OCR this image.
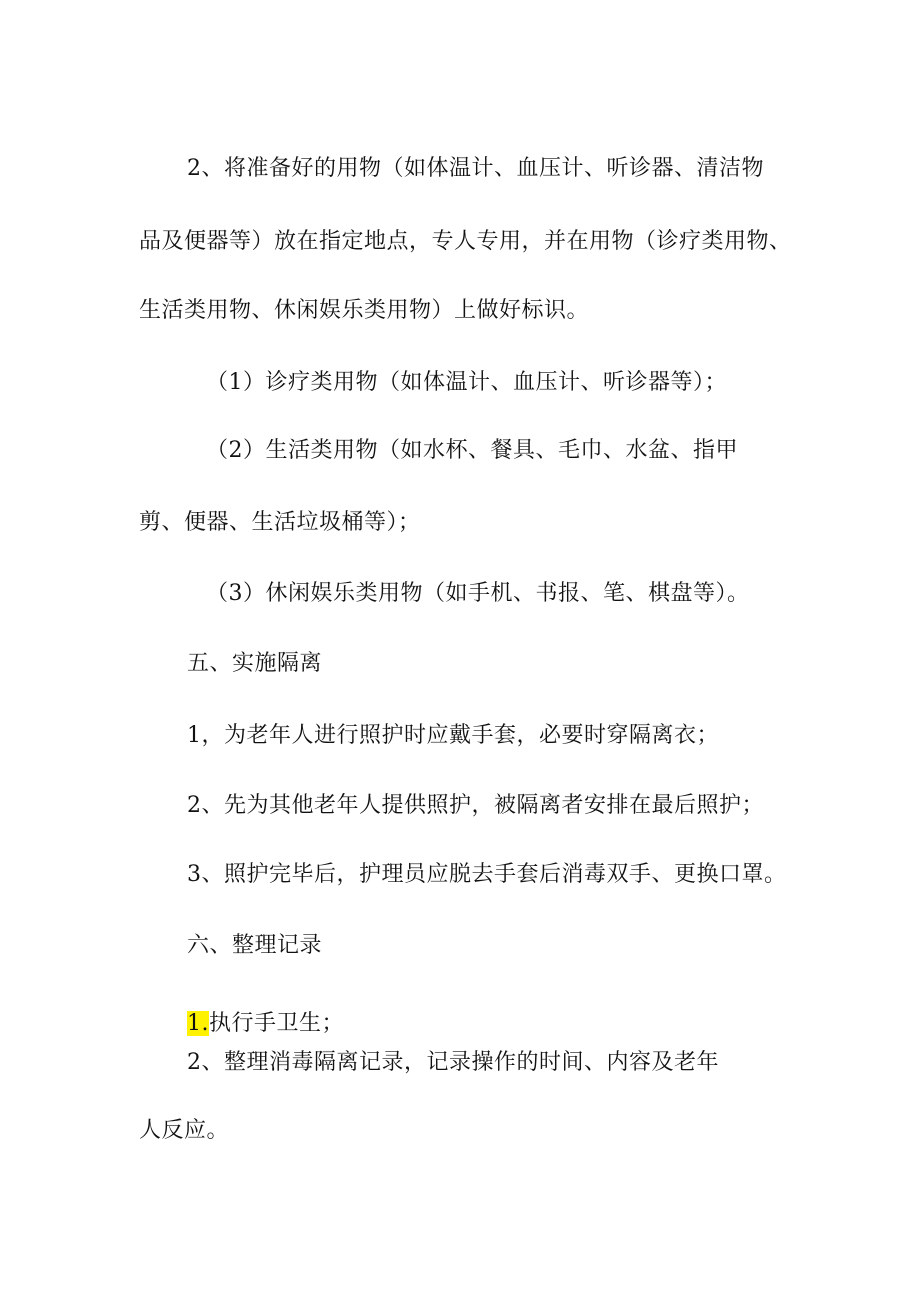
2、将准备好的用物（如体温计、血压计、听诊器、清洁物
品及便器等）放在指定地点，专人专用，并在用物（诊疗类用物、
生活类用物、休闲娱乐类用物）上做好标识。
（1）诊疗类用物（如体温计、血压计、听诊器等）；
（2）生活类用物（如水杯、餐具、毛巾、水盆、指甲
剪、便器、生活垃圾桶等）；
（3）休闲娱乐类用物（如手机、书报、笔、棋盘等）。
五、实施隔离
1，为老年人进行照护时应戴手套，必要时穿隔离衣；
2、先为其他老年人提供照护，被隔离者安排在最后照护；
3、照护完毕后，护理员应脱去手套后消毒双手、更换口罩。
六、整理记录
1.执行手卫生；
2、整理消毒隔离记录，记录操作的时间、内容及老年
人反应。
